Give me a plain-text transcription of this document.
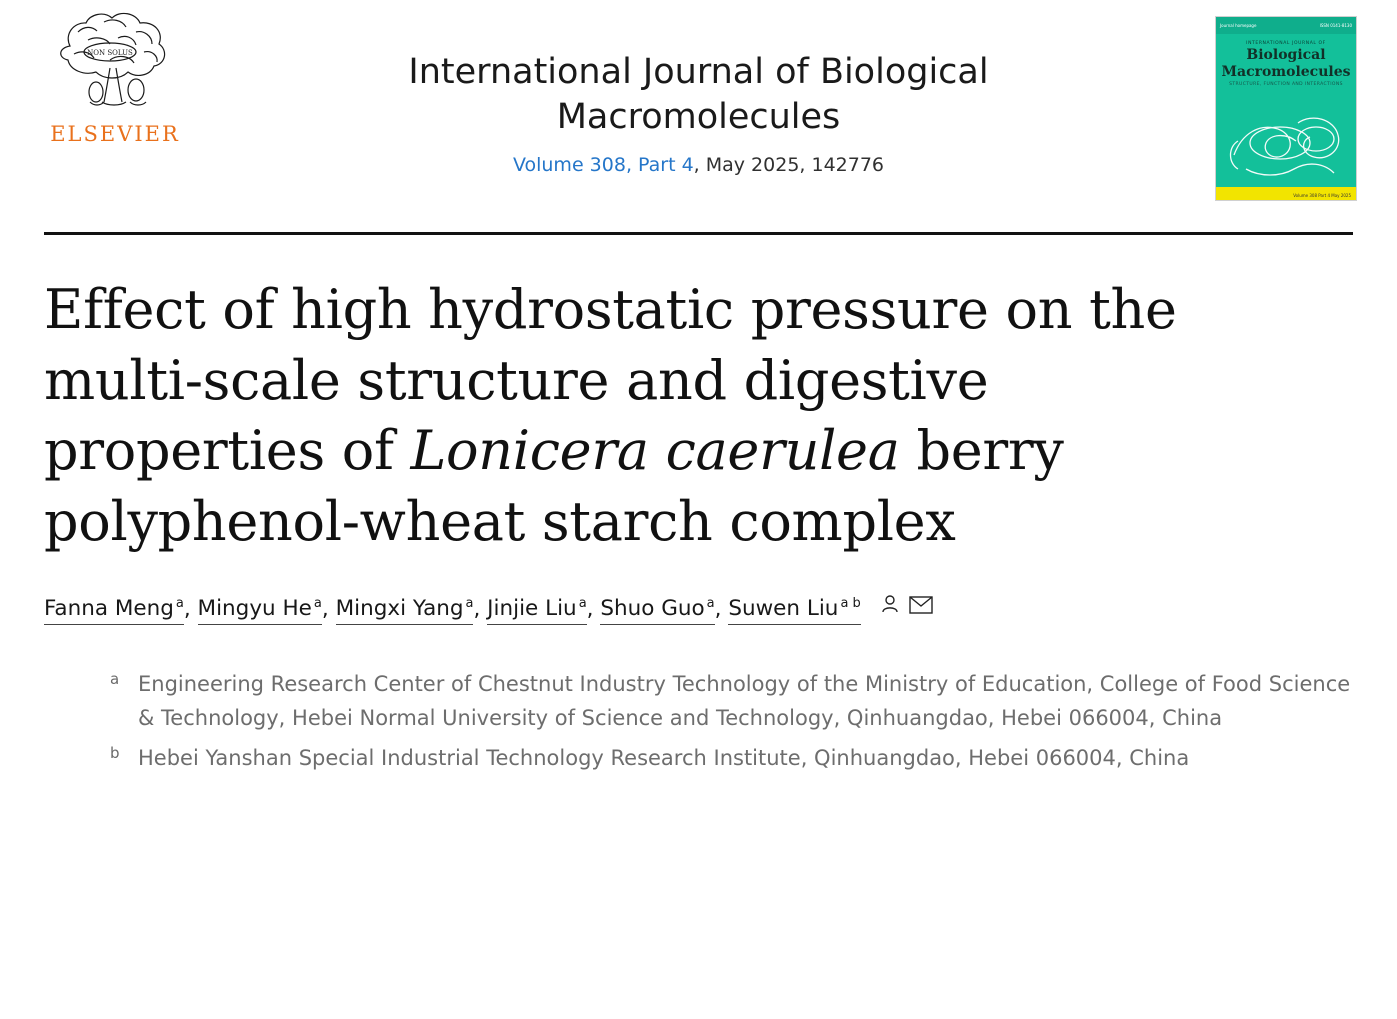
NON SOLUS
ELSEVIER
International Journal of Biological Macromolecules
Volume 308, Part 4, May 2025, 142776
Journal homepage	ISSN 0141-8130
INTERNATIONAL JOURNAL OF
Biological
Macromolecules
STRUCTURE, FUNCTION AND INTERACTIONS
Volume 308 Part 4 May 2025
Effect of high hydrostatic pressure on the multi-scale structure and digestive properties of Lonicera caerulea berry polyphenol-wheat starch complex
Fanna Meng $^a$, Mingyu He $^a$, Mingxi Yang $^a$, Jinjie Liu $^a$, Shuo Guo $^a$, Suwen Liu $^{a b}$
a Engineering Research Center of Chestnut Industry Technology of the Ministry of Education, College of Food Science & Technology, Hebei Normal University of Science and Technology, Qinhuangdao, Hebei 066004, China
b Hebei Yanshan Special Industrial Technology Research Institute, Qinhuangdao, Hebei 066004, China
